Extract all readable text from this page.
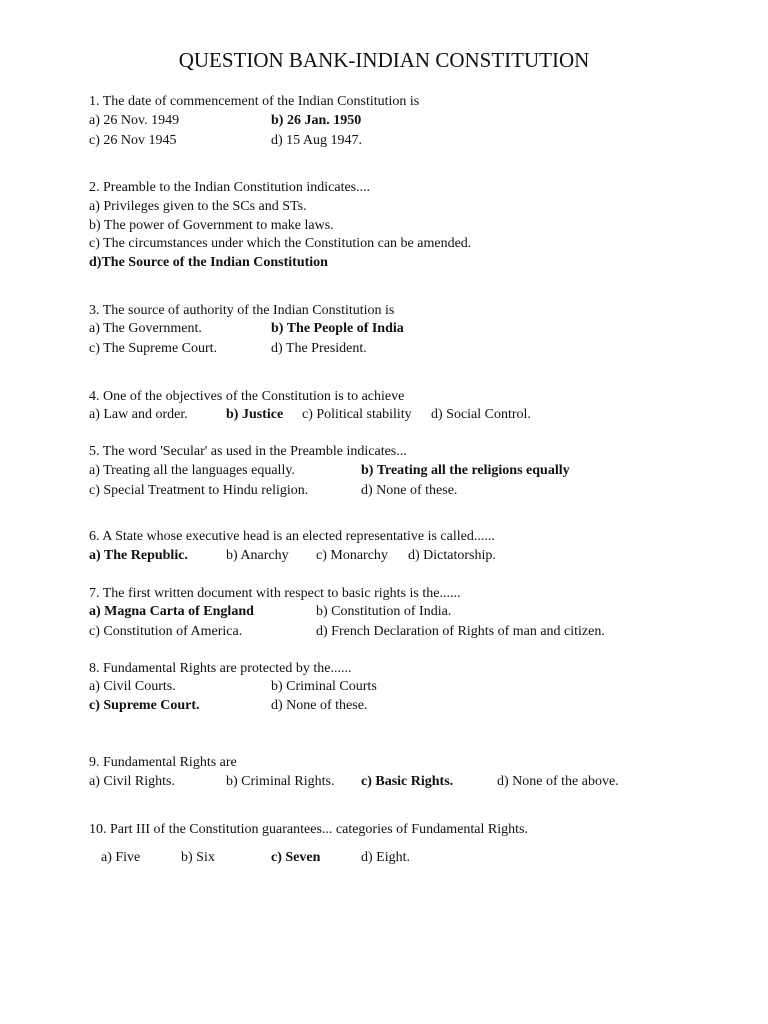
QUESTION BANK-INDIAN CONSTITUTION
1. The date of commencement of the Indian Constitution is
a) 26 Nov. 1949	b) 26 Jan. 1950
c) 26 Nov 1945	d) 15 Aug 1947.
2. Preamble to the Indian Constitution indicates....
a) Privileges given to the SCs and STs.
b) The power of Government to make laws.
c) The circumstances under which the Constitution can be amended.
d)The Source of the Indian Constitution
3. The source of authority of the Indian Constitution is
a) The Government.	b) The People of India
c) The Supreme Court.	d) The President.
4. One of the objectives of the Constitution is to achieve
a) Law and order.	b) Justice c) Political stability d) Social Control.
5. The word 'Secular' as used in the Preamble indicates...
a) Treating all the languages equally.	b) Treating all the religions equally
c) Special Treatment to Hindu religion.	d) None of these.
6. A State whose executive head is an elected representative is called......
a) The Republic.	b) Anarchy c) Monarchy d) Dictatorship.
7. The first written document with respect to basic rights is the......
a) Magna Carta of England	b) Constitution of India.
c) Constitution of America.	d) French Declaration of Rights of man and citizen.
8. Fundamental Rights are protected by the......
a) Civil Courts.	b) Criminal Courts
c) Supreme Court.	d) None of these.
9. Fundamental Rights are
a) Civil Rights.	b) Criminal Rights. c) Basic Rights.	d) None of the above.
10. Part III of the Constitution guarantees... categories of Fundamental Rights.
a) Five	b) Six	c) Seven	d) Eight.
